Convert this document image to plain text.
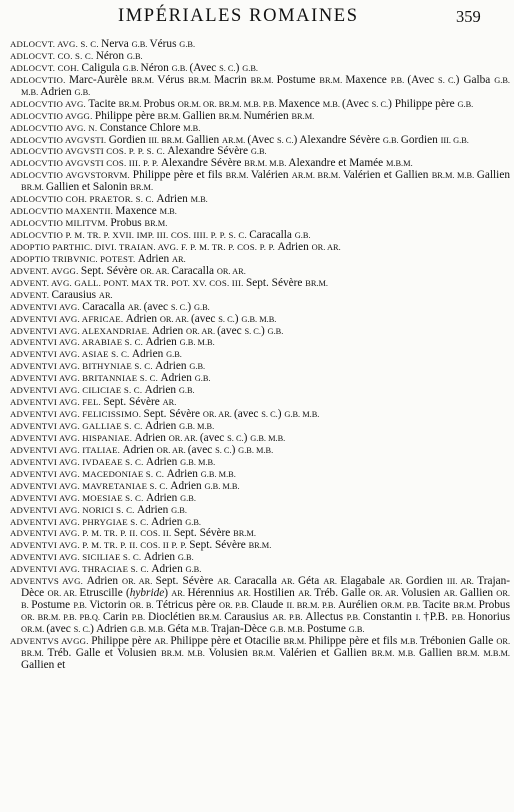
IMPÉRIALES ROMAINES	359

ADLOCVT. AVG. S. C. Nerva G.B. Vérus G.B.

ADLOCVT. CO. S. C. Néron G.B.

ADLOCVT. COH. Caligula G.B. Néron G.B. (Avec S. C.) G.B.

ADLOCVTIO. Marc-Aurèle BR.M. Vérus BR.M. Macrin BR.M. Postume BR.M. Maxence P.B. (Avec S. C.) Galba G.B. M.B. Adrien G.B.

ADLOCVTIO AVG. Tacite BR.M. Probus OR.M. OR. BR.M. M.B. P.B. Maxence M.B. (Avec S. C.) Philippe père G.B.

ADLOCVTIO AVGG. Philippe père BR.M. Gallien BR.M. Numérien BR.M.

ADLOCVTIO AVG. N. Constance Chlore M.B.

ADLOCVTIO AVGVSTI. Gordien III. BR.M. Gallien AR.M. (Avec S. C.) Alexandre Sévère G.B. Gordien III. G.B.

ADLOCVTIO AVGVSTI COS. P. P. S. C. Alexandre Sévère G.B.

ADLOCVTIO AVGVSTI COS. III. P. P. Alexandre Sévère BR.M. M.B. Alexandre et Mamée M.B.M.

ADLOCVTIO AVGVSTORVM. Philippe père et fils BR.M. Valérien AR.M. BR.M. Valérien et Gallien BR.M. M.B. Gallien BR.M. Gallien et Salonin BR.M.

ADLOCVTIO COH. PRAETOR. S. C. Adrien M.B.

ADLOCVTIO MAXENTII. Maxence M.B.

ADLOCVTIO MILITVM. Probus BR.M.

ADLOCVTIO P. M. TR. P. XVII. IMP. III. COS. IIII. P. P. S. C. Caracalla G.B.

ADOPTIO PARTHIC. DIVI. TRAIAN. AVG. F. P. M. TR. P. COS. P. P. Adrien OR. AR.

ADOPTIO TRIBVNIC. POTEST. Adrien AR.

ADVENT. AVGG. Sept. Sévère OR. AR. Caracalla OR. AR.

ADVENT. AVG. GALL. PONT. MAX TR. POT. XV. COS. III. Sept. Sévère BR.M.

ADVENT. Carausius AR.

ADVENTVI AVG. Caracalla AR. (avec S. C.) G.B.

ADVENTVI AVG. AFRICAE. Adrien OR. AR. (avec S. C.) G.B. M.B.

ADVENTVI AVG. ALEXANDRIAE. Adrien OR. AR. (avec S. C.) G.B.

ADVENTVI AVG. ARABIAE S. C. Adrien G.B. M.B.

ADVENTVI AVG. ASIAE S. C. Adrien G.B.

ADVENTVI AVG. BITHYNIAE S. C. Adrien G.B.

ADVENTVI AVG. BRITANNIAE S. C. Adrien G.B.

ADVENTVI AVG. CILICIAE S. C. Adrien G.B.

ADVENTVI AVG. FEL. Sept. Sévère AR.

ADVENTVI AVG. FELICISSIMO. Sept. Sévère OR. AR. (avec S. C.) G.B. M.B.

ADVENTVI AVG. GALLIAE S. C. Adrien G.B. M.B.

ADVENTVI AVG. HISPANIAE. Adrien OR. AR. (avec S. C.) G.B. M.B.

ADVENTVI AVG. ITALIAE. Adrien OR. AR. (avec S. C.) G.B. M.B.

ADVENTVI AVG. IVDAEAE S. C. Adrien G.B. M.B.

ADVENTVI AVG. MACEDONIAE S. C. Adrien G.B. M.B.

ADVENTVI AVG. MAVRETANIAE S. C. Adrien G.B. M.B.

ADVENTVI AVG. MOESIAE S. C. Adrien G.B.

ADVENTVI AVG. NORICI S. C. Adrien G.B.

ADVENTVI AVG. PHRYGIAE S. C. Adrien G.B.

ADVENTVI AVG. P. M. TR. P. II. COS. II. Sept. Sévère BR.M.

ADVENTVI AVG. P. M. TR. P. II. COS. II P. P. Sept. Sévère BR.M.

ADVENTVI AVG. SICILIAE S. C. Adrien G.B.

ADVENTVI AVG. THRACIAE S. C. Adrien G.B.

ADVENTVS AVG. Adrien OR. AR. Sept. Sévère AR. Caracalla AR. Géta AR. Elagabale AR. Gordien III. AR. Trajan-Dèce OR. AR. Etruscille (hybride) AR. Hérennius AR. Hostilien AR. Tréb. Galle OR. AR. Volusien AR. Gallien OR. B. Postume P.B. Victorin OR. B. Tétricus père OR. P.B. Claude II. BR.M. P.B. Aurélien OR.M. P.B. Tacite BR.M. Probus OR. BR.M. P.B. PB.Q. Carin P.B. Dioclétien BR.M. Carausius AR. P.B. Allectus P.B. Constantin I. †P.B. P.B. Honorius OR.M. (avec S. C.) Adrien G.B. M.B. Géta M.B. Trajan-Dèce G.B. M.B. Postume G.B.

ADVENTVS AVGG. Philippe père AR. Philippe père et Otacilie BR.M. Philippe père et fils M.B. Trébonien Galle OR. BR.M. Tréb. Galle et Volusien BR.M. M.B. Volusien BR.M. Valérien et Gallien BR.M. M.B. Gallien BR.M. M.B.M. Gallien et
